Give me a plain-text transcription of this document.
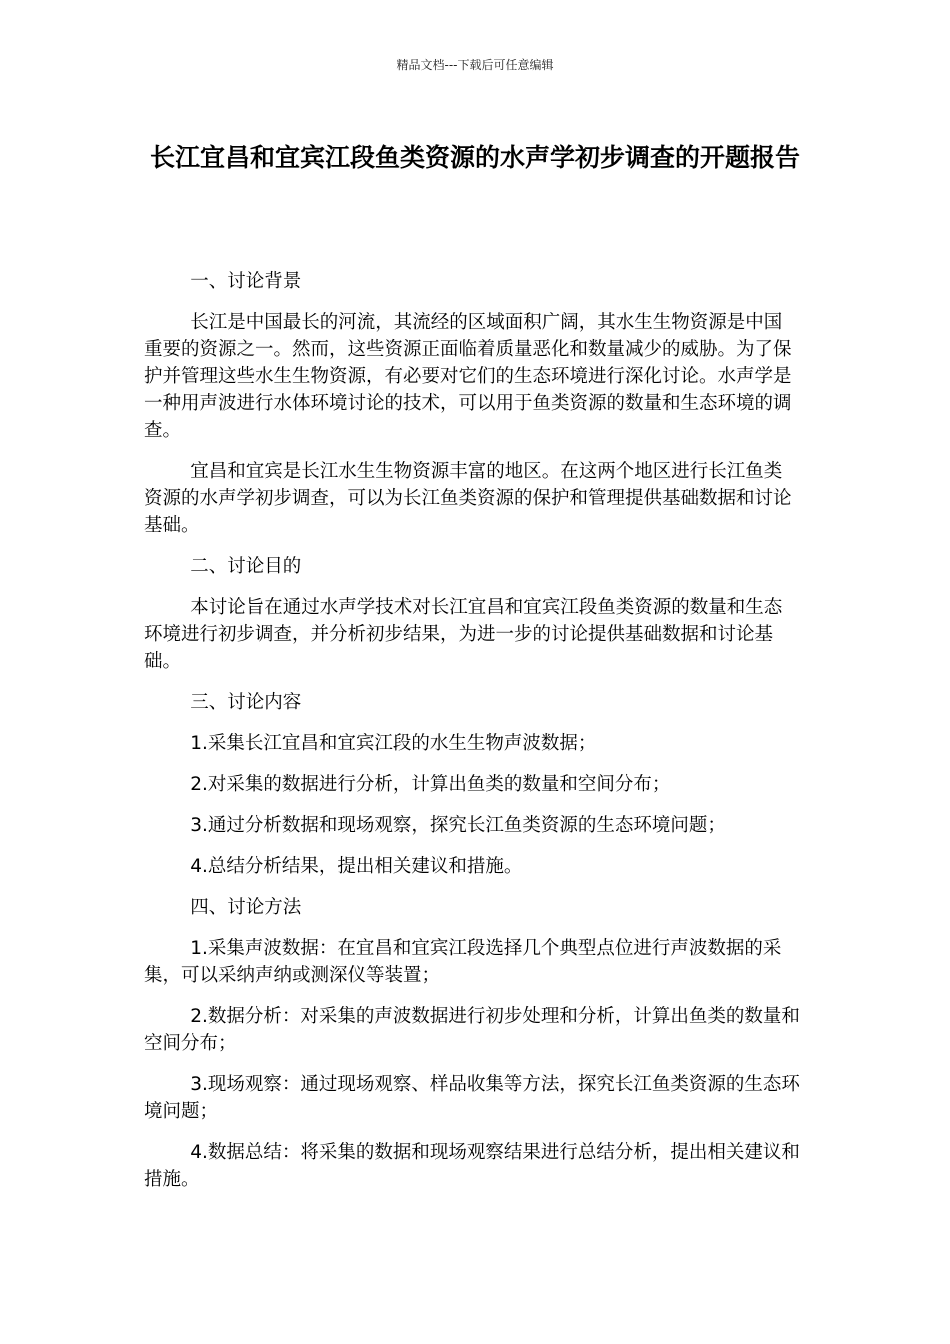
精品文档---下载后可任意编辑
长江宜昌和宜宾江段鱼类资源的水声学初步调查的开题报告

一、讨论背景

长江是中国最长的河流，其流经的区域面积广阔，其水生生物资源是中国重要的资源之一。然而，这些资源正面临着质量恶化和数量减少的威胁。为了保护并管理这些水生生物资源，有必要对它们的生态环境进行深化讨论。水声学是一种用声波进行水体环境讨论的技术，可以用于鱼类资源的数量和生态环境的调查。

宜昌和宜宾是长江水生生物资源丰富的地区。在这两个地区进行长江鱼类资源的水声学初步调查，可以为长江鱼类资源的保护和管理提供基础数据和讨论基础。

二、讨论目的

本讨论旨在通过水声学技术对长江宜昌和宜宾江段鱼类资源的数量和生态环境进行初步调查，并分析初步结果，为进一步的讨论提供基础数据和讨论基础。

三、讨论内容

1.采集长江宜昌和宜宾江段的水生生物声波数据；

2.对采集的数据进行分析，计算出鱼类的数量和空间分布；

3.通过分析数据和现场观察，探究长江鱼类资源的生态环境问题；

4.总结分析结果，提出相关建议和措施。

四、讨论方法

1.采集声波数据：在宜昌和宜宾江段选择几个典型点位进行声波数据的采集，可以采纳声纳或测深仪等装置；

2.数据分析：对采集的声波数据进行初步处理和分析，计算出鱼类的数量和空间分布；

3.现场观察：通过现场观察、样品收集等方法，探究长江鱼类资源的生态环境问题；

4.数据总结：将采集的数据和现场观察结果进行总结分析，提出相关建议和措施。
